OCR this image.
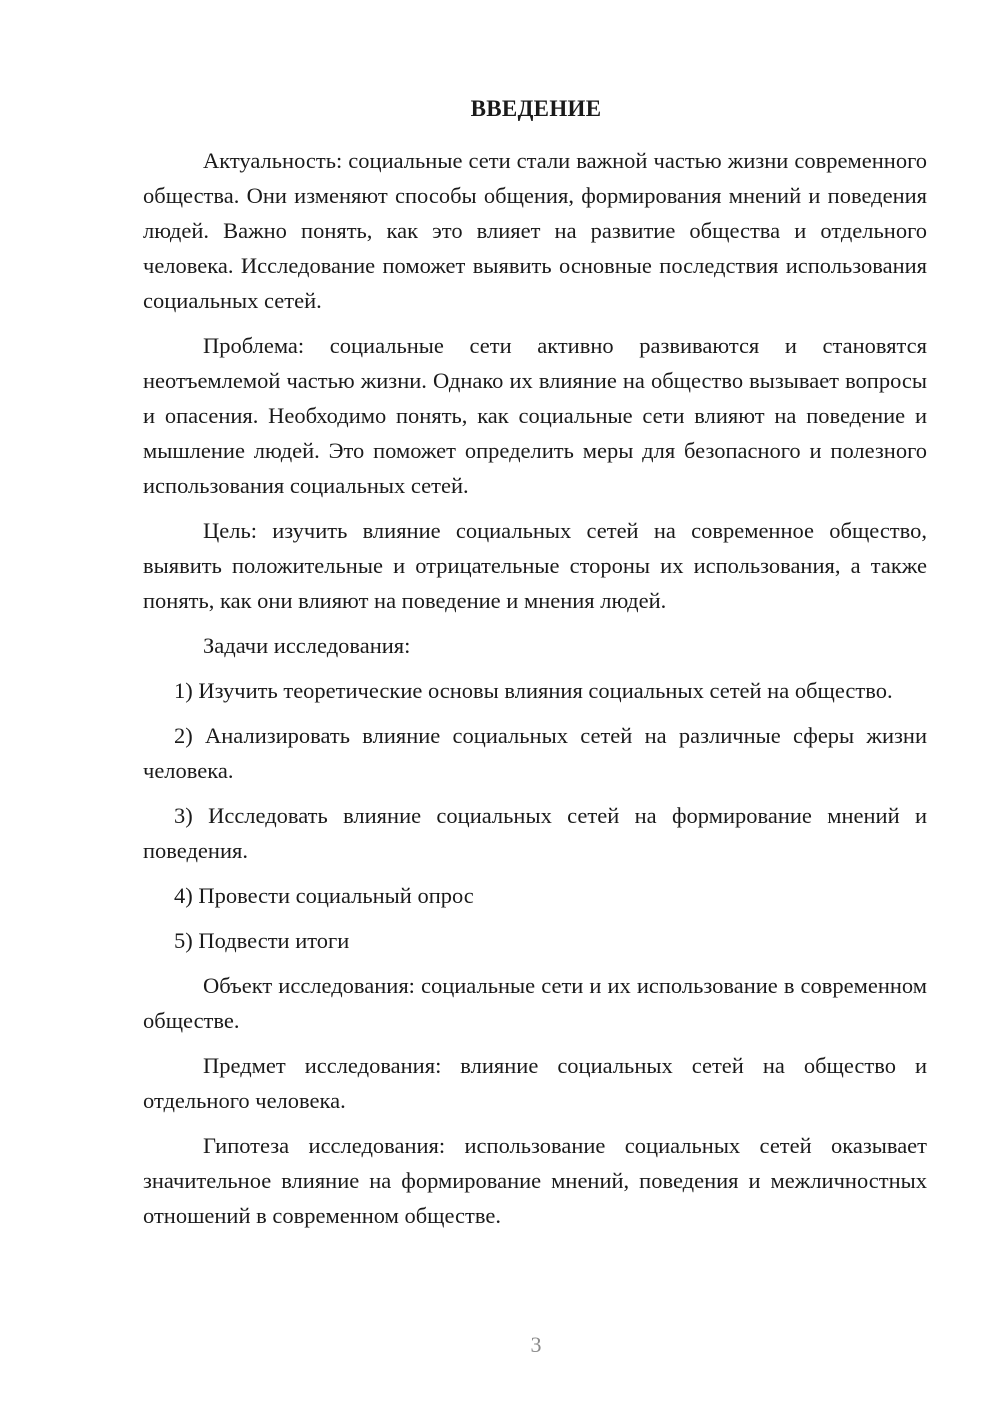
ВВЕДЕНИЕ

Актуальность: социальные сети стали важной частью жизни современного общества. Они изменяют способы общения, формирования мнений и поведения людей. Важно понять, как это влияет на развитие общества и отдельного человека. Исследование поможет выявить основные последствия использования социальных сетей.

Проблема: социальные сети активно развиваются и становятся неотъемлемой частью жизни. Однако их влияние на общество вызывает вопросы и опасения. Необходимо понять, как социальные сети влияют на поведение и мышление людей. Это поможет определить меры для безопасного и полезного использования социальных сетей.

Цель: изучить влияние социальных сетей на современное общество, выявить положительные и отрицательные стороны их использования, а также понять, как они влияют на поведение и мнения людей.

Задачи исследования:

1) Изучить теоретические основы влияния социальных сетей на общество.

2) Анализировать влияние социальных сетей на различные сферы жизни человека.

3) Исследовать влияние социальных сетей на формирование мнений и поведения.

4) Провести социальный опрос

5) Подвести итоги

Объект исследования: социальные сети и их использование в современном обществе.

Предмет исследования: влияние социальных сетей на общество и отдельного человека.

Гипотеза исследования: использование социальных сетей оказывает значительное влияние на формирование мнений, поведения и межличностных отношений в современном обществе.

3
